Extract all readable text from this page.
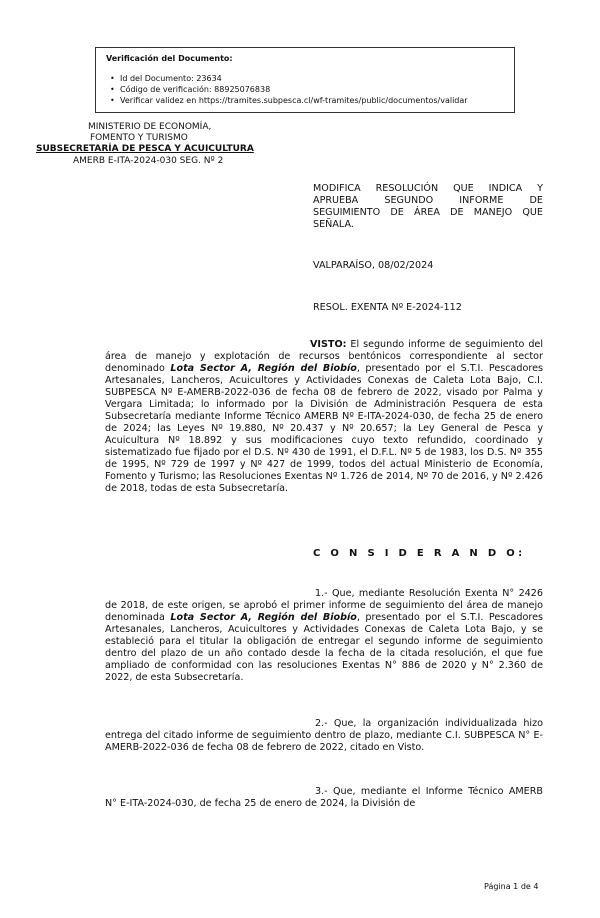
Verificación del Documento:

• Id del Documento: 23634
• Código de verificación: 88925076838
• Verificar validez en https://tramites.subpesca.cl/wf-tramites/public/documentos/validar
MINISTERIO DE ECONOMÍA,
FOMENTO Y TURISMO
SUBSECRETARÍA DE PESCA Y ACUICULTURA
AMERB E-ITA-2024-030 SEG. Nº 2

MODIFICA RESOLUCIÓN QUE INDICA Y APRUEBA SEGUNDO INFORME DE SEGUIMIENTO DE ÁREA DE MANEJO QUE SEÑALA.

VALPARAÍSO, 08/02/2024

RESOL. EXENTA Nº E-2024-112

VISTO: El segundo informe de seguimiento del área de manejo y explotación de recursos bentónicos correspondiente al sector denominado Lota Sector A, Región del Biobío, presentado por el S.T.I. Pescadores Artesanales, Lancheros, Acuicultores y Actividades Conexas de Caleta Lota Bajo, C.I. SUBPESCA Nº E-AMERB-2022-036 de fecha 08 de febrero de 2022, visado por Palma y Vergara Limitada; lo informado por la División de Administración Pesquera de esta Subsecretaría mediante Informe Técnico AMERB Nº E-ITA-2024-030, de fecha 25 de enero de 2024; las Leyes Nº 19.880, Nº 20.437 y Nº 20.657; la Ley General de Pesca y Acuicultura Nº 18.892 y sus modificaciones cuyo texto refundido, coordinado y sistematizado fue fijado por el D.S. Nº 430 de 1991, el D.F.L. Nº 5 de 1983, los D.S. Nº 355 de 1995, Nº 729 de 1997 y Nº 427 de 1999, todos del actual Ministerio de Economía, Fomento y Turismo; las Resoluciones Exentas Nº 1.726 de 2014, Nº 70 de 2016, y Nº 2.426 de 2018, todas de esta Subsecretaría.

C O N S I D E R A N D O:

1.- Que, mediante Resolución Exenta N° 2426 de 2018, de este origen, se aprobó el primer informe de seguimiento del área de manejo denominada Lota Sector A, Región del Biobío, presentado por el S.T.I. Pescadores Artesanales, Lancheros, Acuicultores y Actividades Conexas de Caleta Lota Bajo, y se estableció para el titular la obligación de entregar el segundo informe de seguimiento dentro del plazo de un año contado desde la fecha de la citada resolución, el que fue ampliado de conformidad con las resoluciones Exentas N° 886 de 2020 y N° 2.360 de 2022, de esta Subsecretaría.

2.- Que, la organización individualizada hizo entrega del citado informe de seguimiento dentro de plazo, mediante C.I. SUBPESCA N° E-AMERB-2022-036 de fecha 08 de febrero de 2022, citado en Visto.

3.- Que, mediante el Informe Técnico AMERB N° E-ITA-2024-030, de fecha 25 de enero de 2024, la División de

Página 1 de 4
